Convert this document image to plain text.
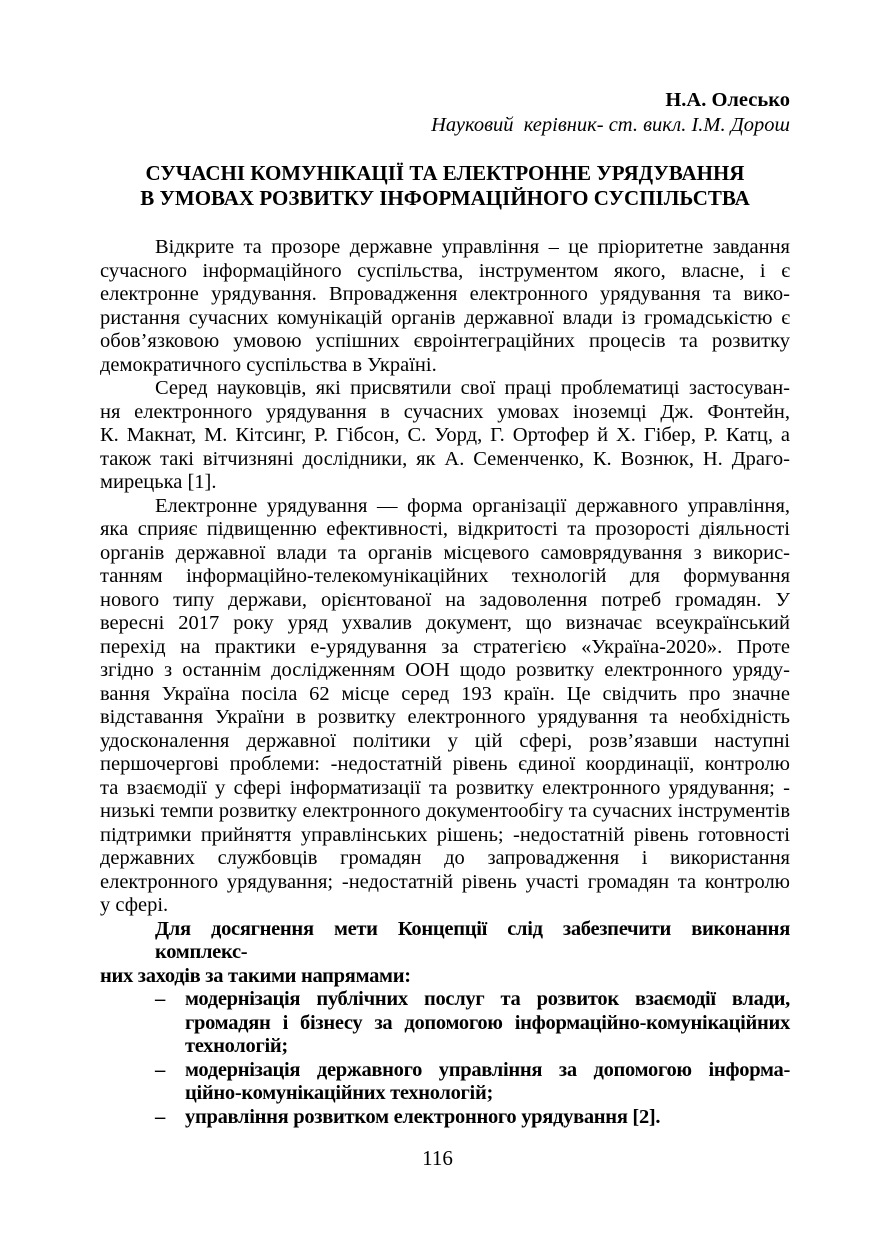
Н.А. Олесько
Науковий  керівник- ст. викл. І.М. Дорош
СУЧАСНІ КОМУНІКАЦІЇ ТА ЕЛЕКТРОННЕ УРЯДУВАННЯ
В УМОВАХ РОЗВИТКУ ІНФОРМАЦІЙНОГО СУСПІЛЬСТВА
Відкрите та прозоре державне управління – це пріоритетне завдання
сучасного інформаційного суспільства, інструментом якого, власне, і є
електронне урядування. Впровадження електронного урядування та вико-
ристання сучасних комунікацій органів державної влади із громадськістю є
обов’язковою умовою успішних євроінтеграційних процесів та розвитку
демократичного суспільства в Україні.
Серед науковців, які присвятили свої праці проблематиці застосуван-
ня електронного урядування в сучасних умовах іноземці Дж. Фонтейн,
К. Макнат, М. Кітсинг, Р. Гібсон, С. Уорд, Г. Ортофер й Х. Гібер, Р. Катц, а
також такі вітчизняні дослідники, як А. Семенченко, К. Вознюк, Н. Драго-
мирецька [1].
Електронне урядування — форма організації державного управління,
яка сприяє підвищенню ефективності, відкритості та прозорості діяльності
органів державної влади та органів місцевого самоврядування з викорис-
танням інформаційно-телекомунікаційних технологій для формування
нового типу держави, орієнтованої на задоволення потреб громадян. У
вересні 2017 року уряд ухвалив документ, що визначає всеукраїнський
перехід на практики е-урядування за стратегією «Україна-2020». Проте
згідно з останнім дослідженням ООН щодо розвитку електронного уряду-
вання Україна посіла 62 місце серед 193 країн. Це свідчить про значне
відставання України в розвитку електронного урядування та необхідність
удосконалення державної політики у цій сфері, розв’язавши наступні
першочергові проблеми: -недостатній рівень єдиної координації, контролю
та взаємодії у сфері інформатизації та розвитку електронного урядування; -
низькі темпи розвитку електронного документообігу та сучасних інструментів
підтримки прийняття управлінських рішень; -недостатній рівень готовності
державних службовців громадян до запровадження і використання
електронного урядування; -недостатній рівень участі громадян та контролю
у сфері.
Для досягнення мети Концепції слід забезпечити виконання комплекс-
них заходів за такими напрямами:
– модернізація публічних послуг та розвиток взаємодії влади,
громадян і бізнесу за допомогою інформаційно-комунікаційних
технологій;
– модернізація державного управління за допомогою інформа-
ційно-комунікаційних технологій;
– управління розвитком електронного урядування [2].
116
